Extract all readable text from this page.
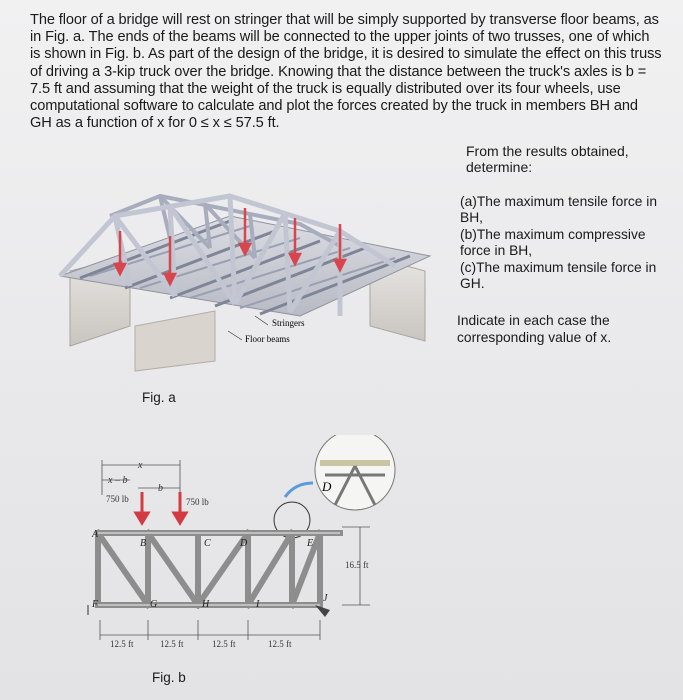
The floor of a bridge will rest on stringer that will be simply supported by transverse floor beams, as in Fig. a. The ends of the beams will be connected to the upper joints of two trusses, one of which is shown in Fig. b. As part of the design of the bridge, it is desired to simulate the effect on this truss of driving a 3-kip truck over the bridge. Knowing that the distance between the truck's axles is b = 7.5 ft and assuming that the weight of the truck is equally distributed over its four wheels, use computational software to calculate and plot the forces created by the truck in members BH and GH as a function of x for 0 ≤ x ≤ 57.5 ft.

From the results obtained, determine:
(a)The maximum tensile force in BH,
(b)The maximum compressive force in BH,
(c)The maximum tensile force in GH.
Indicate in each case the corresponding value of x.
Stringers
Floor beams
Fig. a
D
A
B	C	D	E
F	G	H	I
J
x
x – b
b
750 lb	750 lb
16.5 ft
12.5 ft	12.5 ft	12.5 ft	12.5 ft
Fig. b
